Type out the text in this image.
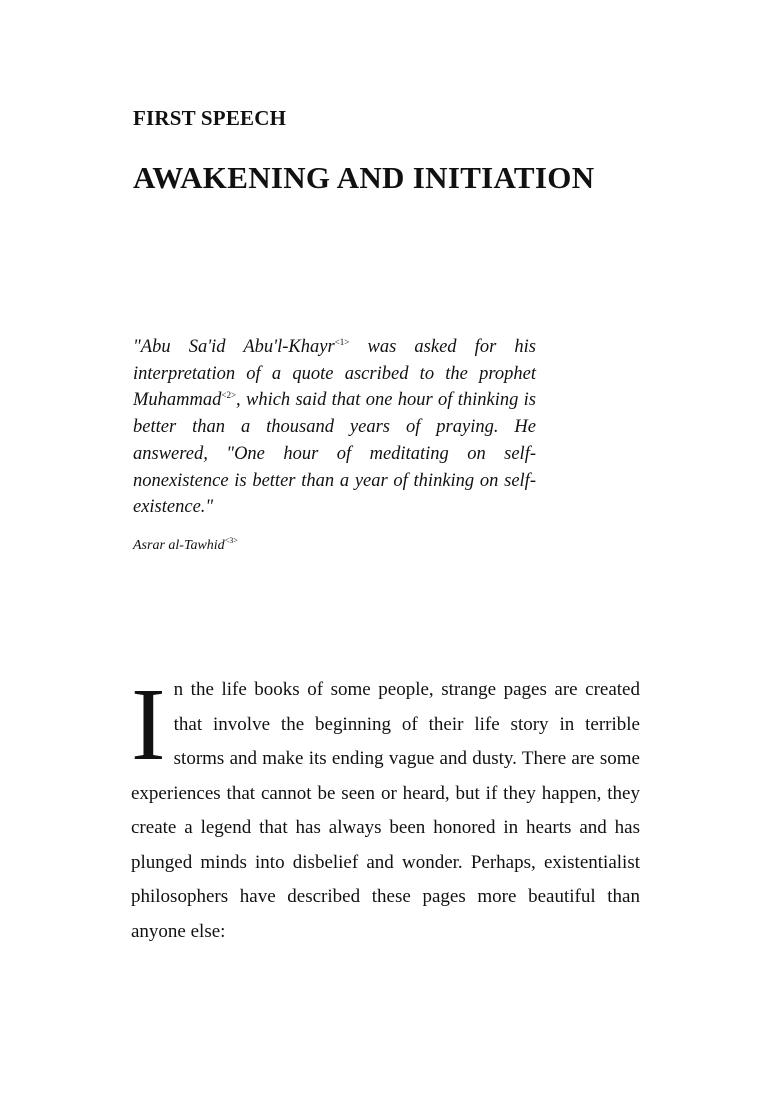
FIRST SPEECH
AWAKENING AND INITIATION

"Abu Sa'id Abu'l-Khayr$^{<1>}$ was asked for his interpretation of a quote ascribed to the prophet Muhammad$^{<2>}$, which said that one hour of thinking is better than a thousand years of praying. He answered, "One hour of meditating on self-nonexistence is better than a year of thinking on self-existence."

Asrar al-Tawhid$^{<3>}$

In the life books of some people, strange pages are created that involve the beginning of their life story in terrible storms and make its ending vague and dusty. There are some experiences that cannot be seen or heard, but if they happen, they create a legend that has always been honored in hearts and has plunged minds into disbelief and wonder. Perhaps, existentialist philosophers have described these pages more beautiful than anyone else:
